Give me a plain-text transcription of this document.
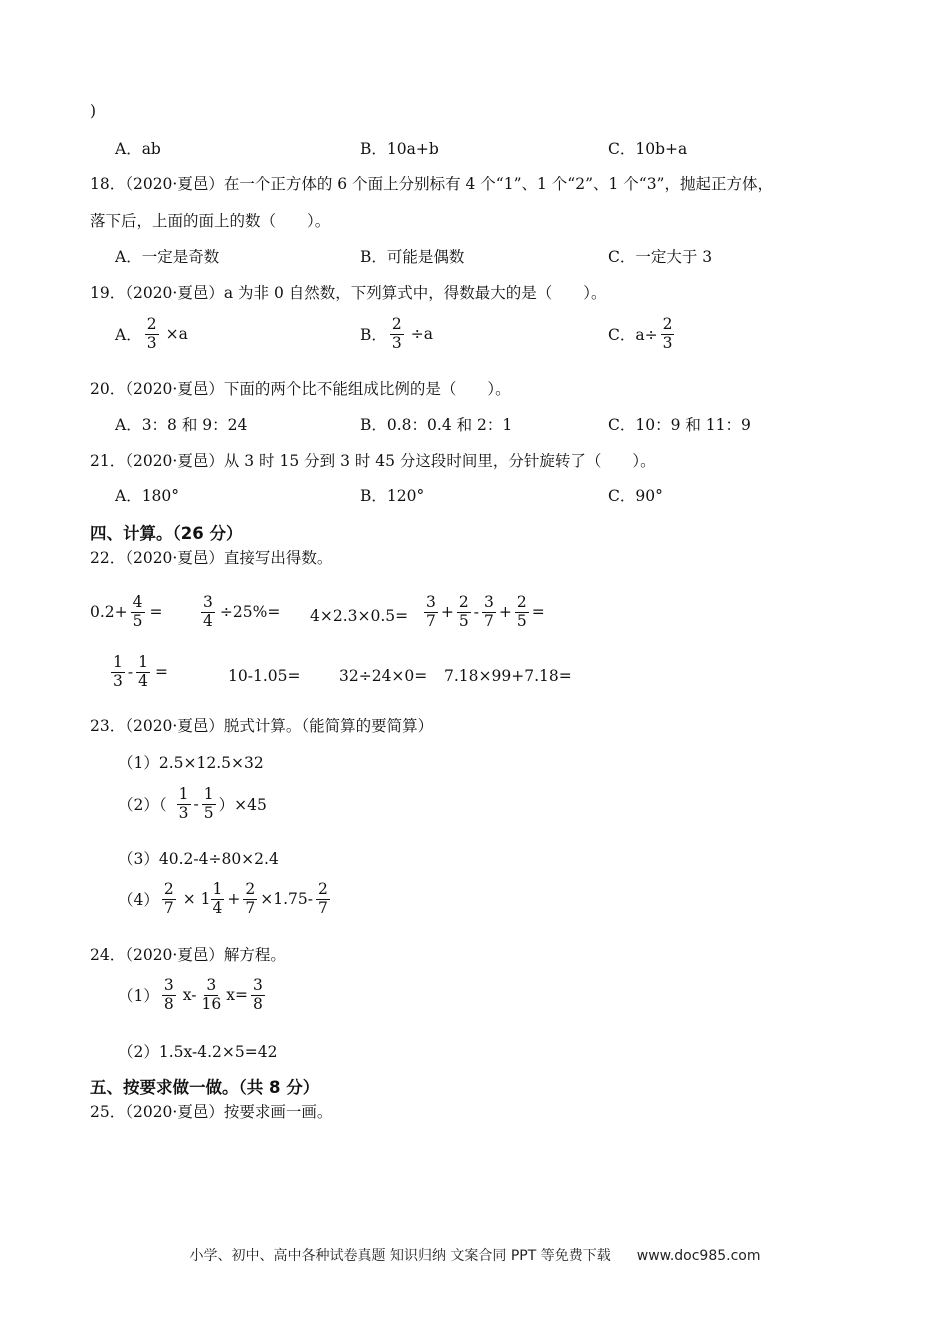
)
A．ab	B．10a+b	C．10b+a
18．（2020·夏邑）在一个正方体的 6 个面上分别标有 4 个“1”、1 个“2”、1 个“3”，抛起正方体，
落下后，上面的面上的数（　　）。
A．一定是奇数	B．可能是偶数	C．一定大于 3
19．（2020·夏邑）a 为非 0 自然数，下列算式中，得数最大的是（　　）。
A． $\frac{2}{3} \times a$	B． $\frac{2}{3} \div a$	C．$a\div \frac{2}{3}$
20．（2020·夏邑）下面的两个比不能组成比例的是（　　）。
A．3：8 和 9：24	B．0.8：0.4 和 2：1	C．10：9 和 11：9
21．（2020·夏邑）从 3 时 15 分到 3 时 45 分这段时间里，分针旋转了（　　）。
A．180°	B．120°	C．90°
四、计算。（26 分）
22．（2020·夏邑）直接写出得数。
$0.2+ \frac{4}{5} = \frac{3}{4} \div 25\%= 4\times 2.3\times 0.5= \frac{3}{7} + \frac{2}{5} - \frac{3}{7} + \frac{2}{5}$ =
$\frac{1}{3} - \frac{1}{4}$ =	10-1.05= 32÷24×0= 7.18×99+7.18=
23．（2020·夏邑）脱式计算。（能简算的要简算）
（1）2.5×12.5×32
$(2)( \frac{1}{3} - \frac{1}{5} )\times 45$
（3）40.2-4÷80×2.4
$(4) \frac{2}{7} \times 1 \frac{1}{4} + \frac{2}{7} \times 1.75- \frac{2}{7}$
24．（2020·夏邑）解方程。
$(1) \frac{3}{8} x- \frac{3}{16} x= \frac{3}{8}$
（2）1.5x-4.2×5=42
五、按要求做一做。（共 8 分）
25．（2020·夏邑）按要求画一画。
小学、初中、高中各种试卷真题 知识归纳 文案合同 PPT 等免费下载 www.doc985.com
